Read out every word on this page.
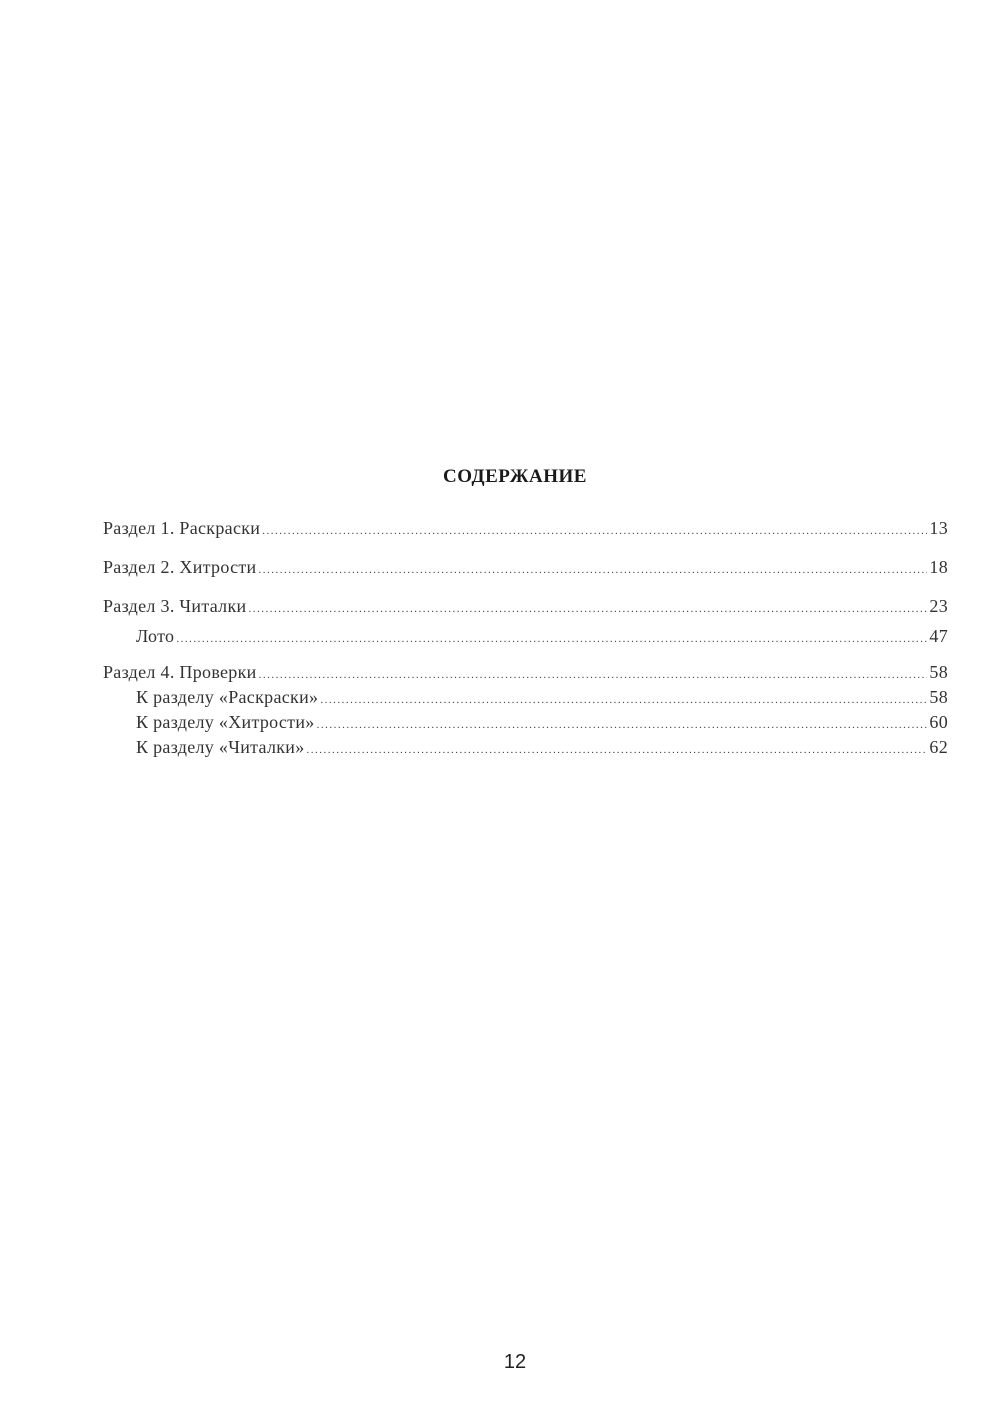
СОДЕРЖАНИЕ
Раздел 1. Раскраски .....	13
Раздел 2. Хитрости .....	18
Раздел 3. Читалки .....	23
Лото .....	47
Раздел 4. Проверки .....	58
К разделу «Раскраски» .....	58
К разделу «Хитрости» .....	60
К разделу «Читалки» .....	62
12
